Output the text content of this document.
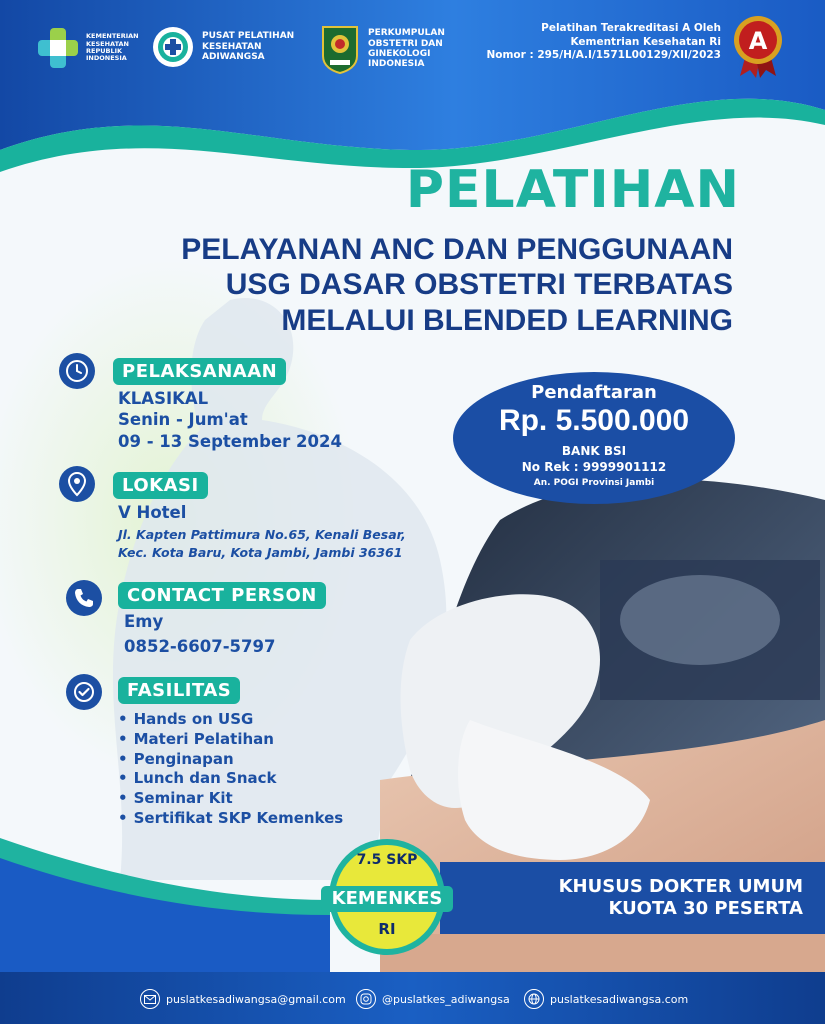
KEMENTERIAN KESEHATAN REPUBLIK INDONESIA
PUSAT PELATIHAN KESEHATAN ADIWANGSA
PERKUMPULAN OBSTETRI DAN GINEKOLOGI INDONESIA
Pelatihan Terakreditasi A Oleh
Kementrian Kesehatan Ri
Nomor : 295/H/A.I/1571L00129/XII/2023
A
PELATIHAN
PELAYANAN ANC DAN PENGGUNAAN
USG DASAR OBSTETRI TERBATAS
MELALUI BLENDED LEARNING
PELAKSANAAN
KLASIKAL
Senin - Jum'at
09 - 13 September 2024
LOKASI
V Hotel
Jl. Kapten Pattimura No.65, Kenali Besar,
Kec. Kota Baru, Kota Jambi, Jambi 36361
CONTACT PERSON
Emy
0852-6607-5797
FASILITAS
• Hands on USG
• Materi Pelatihan
• Penginapan
• Lunch dan Snack
• Seminar Kit
• Sertifikat SKP Kemenkes
Pendaftaran
Rp. 5.500.000
BANK BSI
No Rek : 9999901112
An. POGI Provinsi Jambi
7.5 SKP
KEMENKES
RI
KHUSUS DOKTER UMUM
KUOTA 30 PESERTA
puslatkesadiwangsa@gmail.com	@puslatkes_adiwangsa	puslatkesadiwangsa.com
